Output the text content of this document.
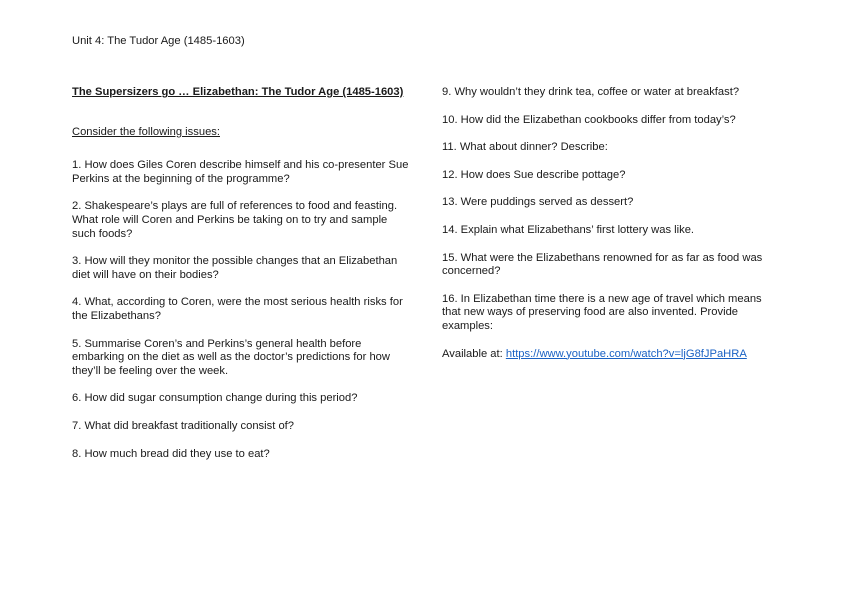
Unit 4: The Tudor Age (1485-1603)

The Supersizers go … Elizabethan: The Tudor Age (1485-1603)

Consider the following issues:

1. How does Giles Coren describe himself and his co-presenter Sue Perkins at the beginning of the programme?

2. Shakespeare’s plays are full of references to food and feasting. What role will Coren and Perkins be taking on to try and sample such foods?

3. How will they monitor the possible changes that an Elizabethan diet will have on their bodies?

4. What, according to Coren, were the most serious health risks for the Elizabethans?

5. Summarise Coren’s and Perkins’s general health before embarking on the diet as well as the doctor’s predictions for how they’ll be feeling over the week.

6. How did sugar consumption change during this period?

7. What did breakfast traditionally consist of?

8. How much bread did they use to eat?

9. Why wouldn’t they drink tea, coffee or water at breakfast?

10. How did the Elizabethan cookbooks differ from today’s?

11. What about dinner? Describe:

12. How does Sue describe pottage?

13. Were puddings served as dessert?

14. Explain what Elizabethans’ first lottery was like.

15. What were the Elizabethans renowned for as far as food was concerned?

16. In Elizabethan time there is a new age of travel which means that new ways of preserving food are also invented. Provide examples:

Available at: https://www.youtube.com/watch?v=ljG8fJPaHRA
